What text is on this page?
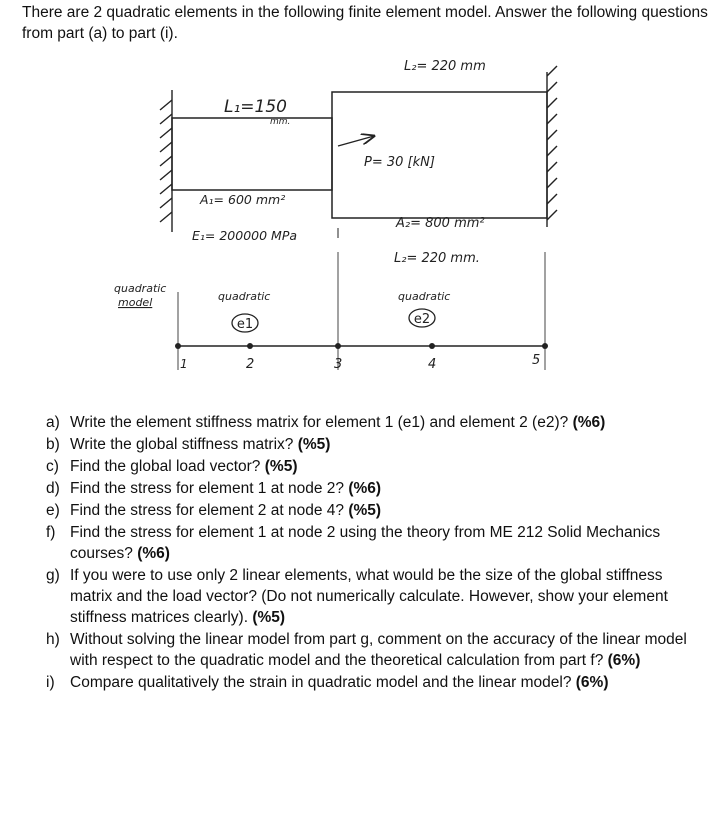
There are 2 quadratic elements in the following finite element model. Answer the following questions from part (a) to part (i).

L₁=150
mm.
L₂= 220 mm
P= 30 [kN]
A₁= 600 mm²
E₁= 200000 MPa
A₂= 800 mm²
L₂= 220 mm.
quadratic
model	quadratic	quadratic
e1	e2
1	2	3	4	5
a) Write the element stiffness matrix for element 1 (e1) and element 2 (e2)? (%6)
b) Write the global stiffness matrix? (%5)
c) Find the global load vector? (%5)
d) Find the stress for element 1 at node 2? (%6)
e) Find the stress for element 2 at node 4? (%5)
f) Find the stress for element 1 at node 2 using the theory from ME 212 Solid Mechanics courses? (%6)
g) If you were to use only 2 linear elements, what would be the size of the global stiffness matrix and the load vector? (Do not numerically calculate. However, show your element stiffness matrices clearly). (%5)
h) Without solving the linear model from part g, comment on the accuracy of the linear model with respect to the quadratic model and the theoretical calculation from part f? (6%)
i) Compare qualitatively the strain in quadratic model and the linear model? (6%)
